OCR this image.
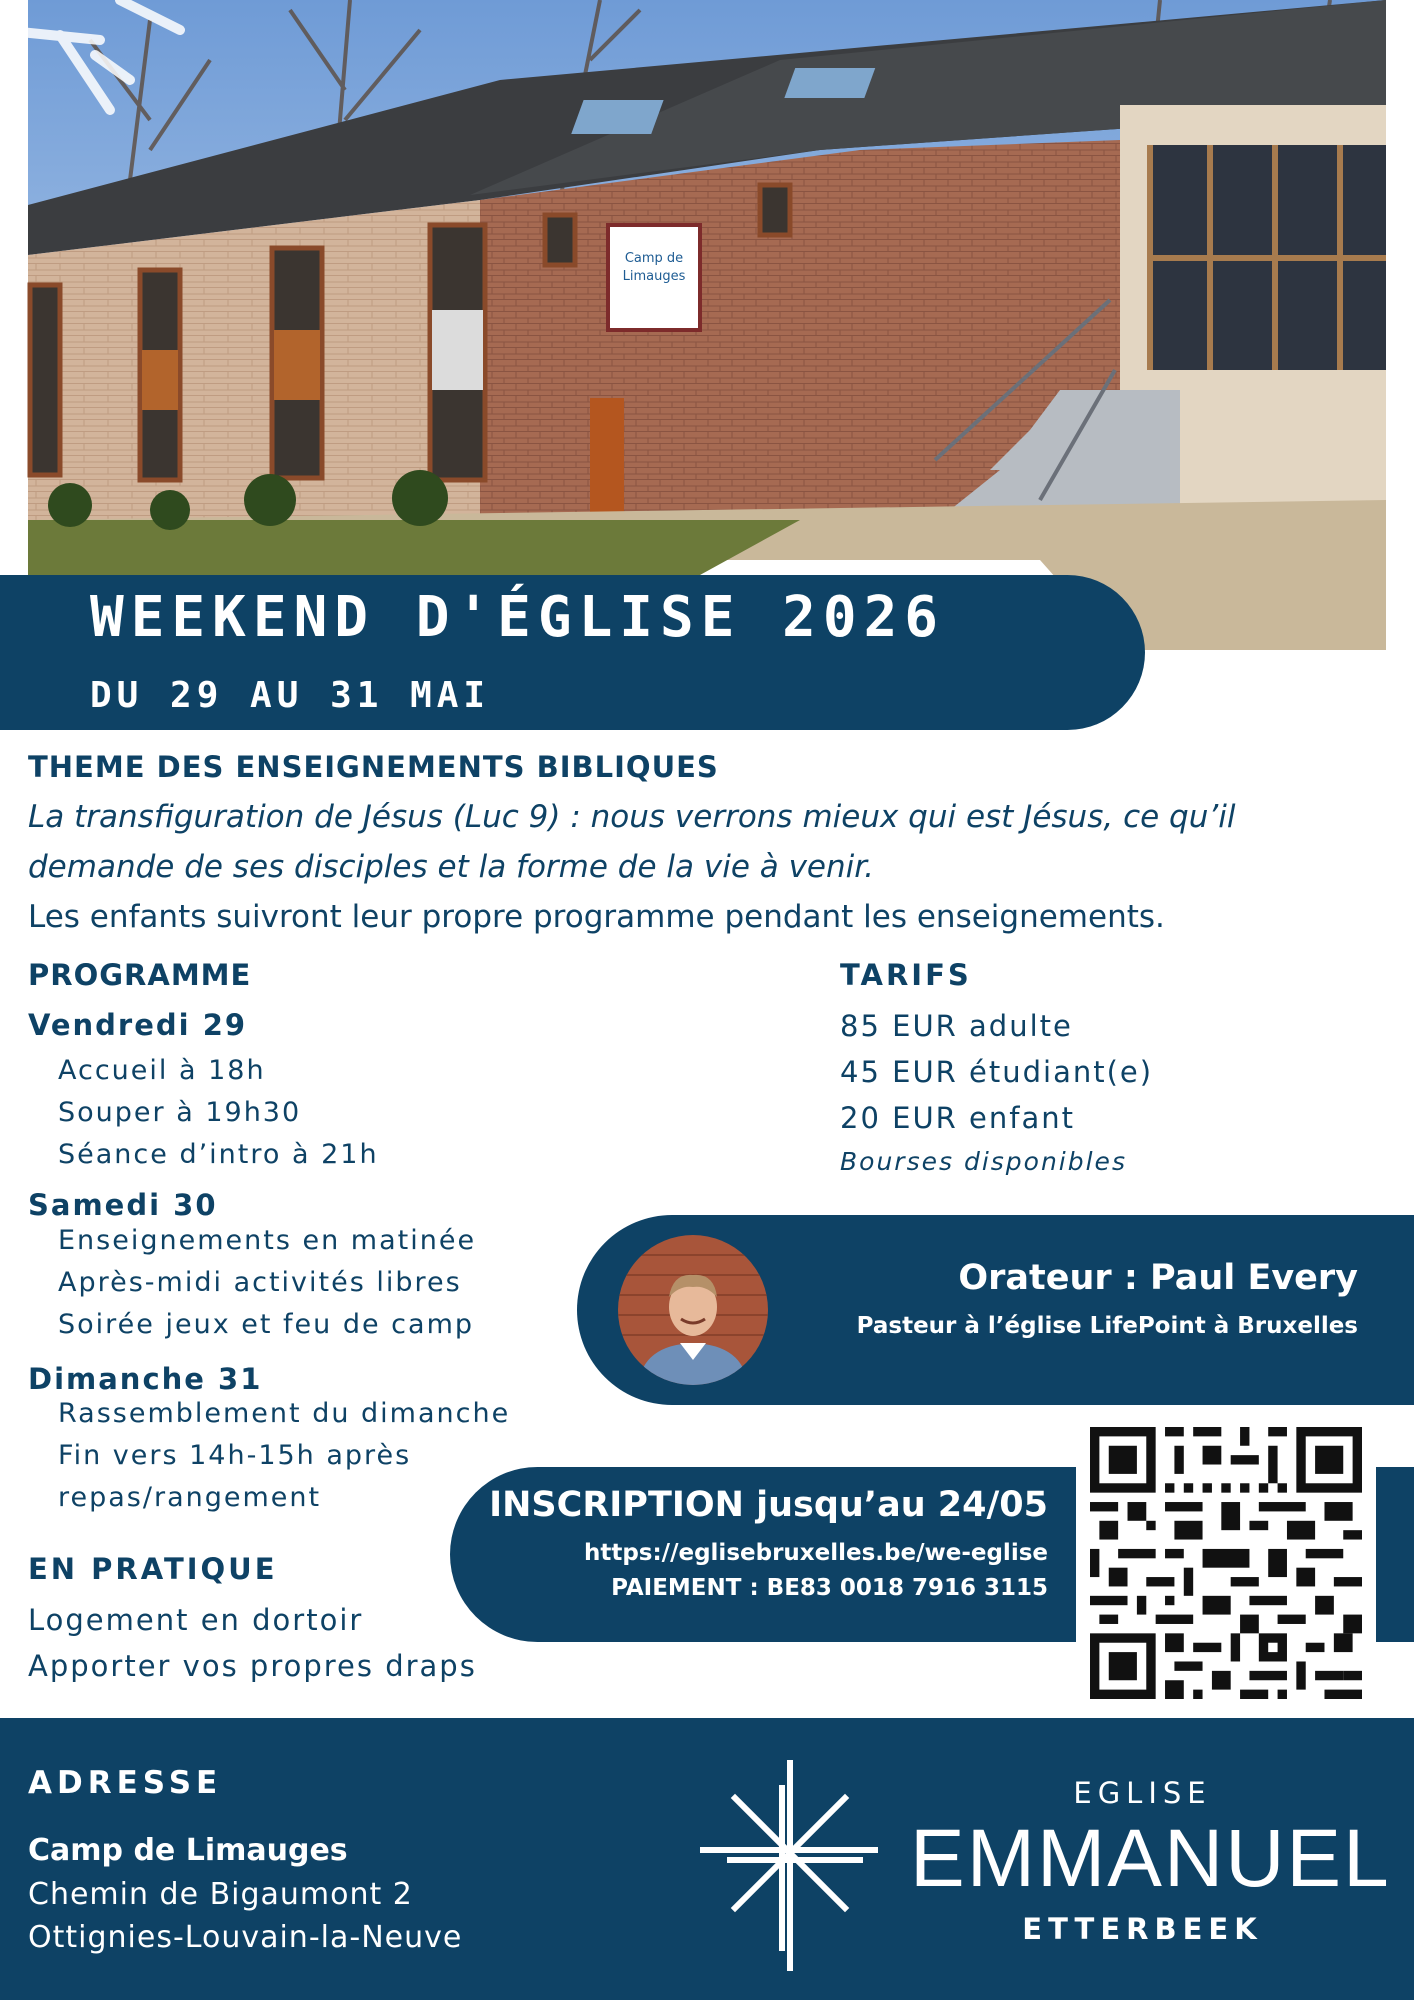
Camp de
Limauges
WEEKEND D'ÉGLISE 2026
DU 29 AU 31 MAI
THEME DES ENSEIGNEMENTS BIBLIQUES
La transfiguration de Jésus (Luc 9) : nous verrons mieux qui est Jésus, ce qu’il demande de ses disciples et la forme de la vie à venir.
Les enfants suivront leur propre programme pendant les enseignements.
PROGRAMME
Vendredi 29
Accueil à 18h
Souper à 19h30
Séance d’intro à 21h
Samedi 30
Enseignements en matinée
Après-midi activités libres
Soirée jeux et feu de camp
Dimanche 31
Rassemblement du dimanche
Fin vers 14h-15h après
repas/rangement
TARIFS
85 EUR adulte
45 EUR étudiant(e)
20 EUR enfant
Bourses disponibles
Orateur : Paul Every
Pasteur à l’église LifePoint à Bruxelles
INSCRIPTION jusqu’au 24/05
https://eglisebruxelles.be/we-eglise
PAIEMENT : BE83 0018 7916 3115
EN PRATIQUE
Logement en dortoir
Apporter vos propres draps
ADRESSE
Camp de Limauges
Chemin de Bigaumont 2
Ottignies-Louvain-la-Neuve
EGLISE
EMMANUEL
ETTERBEEK
